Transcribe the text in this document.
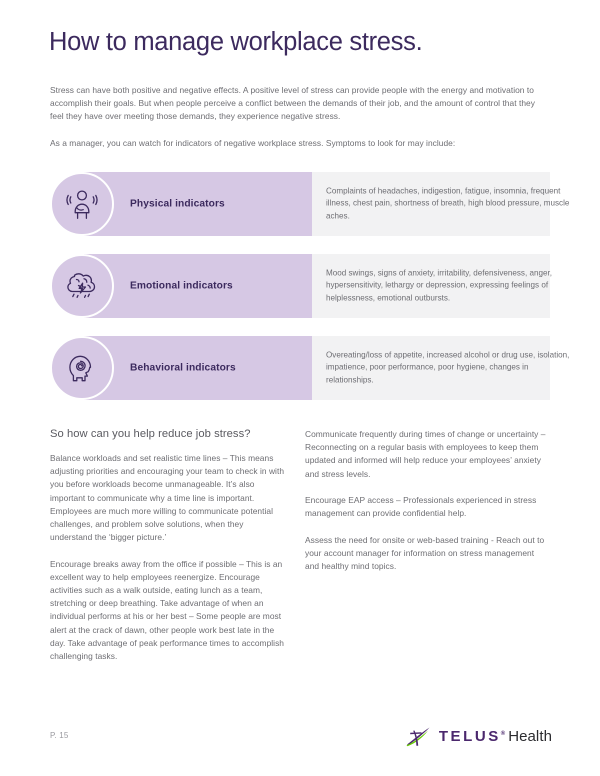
How to manage workplace stress.

Stress can have both positive and negative effects. A positive level of stress can provide people with the energy and motivation to accomplish their goals. But when people perceive a conflict between the demands of their job, and the amount of control that they feel they have over meeting those demands, they experience negative stress.

As a manager, you can watch for indicators of negative workplace stress. Symptoms to look for may include:

Physical indicators
Complaints of headaches, indigestion, fatigue, insomnia, frequent illness, chest pain, shortness of breath, high blood pressure, muscle aches.
Emotional indicators
Mood swings, signs of anxiety, irritability, defensiveness, anger, hypersensitivity, lethargy or depression, expressing feelings of helplessness, emotional outbursts.
Behavioral indicators
Overeating/loss of appetite, increased alcohol or drug use, isolation, impatience, poor performance, poor hygiene, changes in relationships.
So how can you help reduce job stress?

Balance workloads and set realistic time lines – This means adjusting priorities and encouraging your team to check in with you before workloads become unmanageable. It’s also important to communicate why a time line is important. Employees are much more willing to communicate potential challenges, and problem solve solutions, when they understand the ‘bigger picture.’

Encourage breaks away from the office if possible – This is an excellent way to help employees reenergize. Encourage activities such as a walk outside, eating lunch as a team, stretching or deep breathing. Take advantage of when an individual performs at his or her best – Some people are most alert at the crack of dawn, other people work best late in the day. Take advantage of peak performance times to accomplish challenging tasks.

Communicate frequently during times of change or uncertainty – Reconnecting on a regular basis with employees to keep them updated and informed will help reduce your employees’ anxiety and stress levels.

Encourage EAP access – Professionals experienced in stress management can provide confidential help.

Assess the need for onsite or web-based training - Reach out to your account manager for information on stress management and healthy mind topics.

P. 15	TELUS® Health
